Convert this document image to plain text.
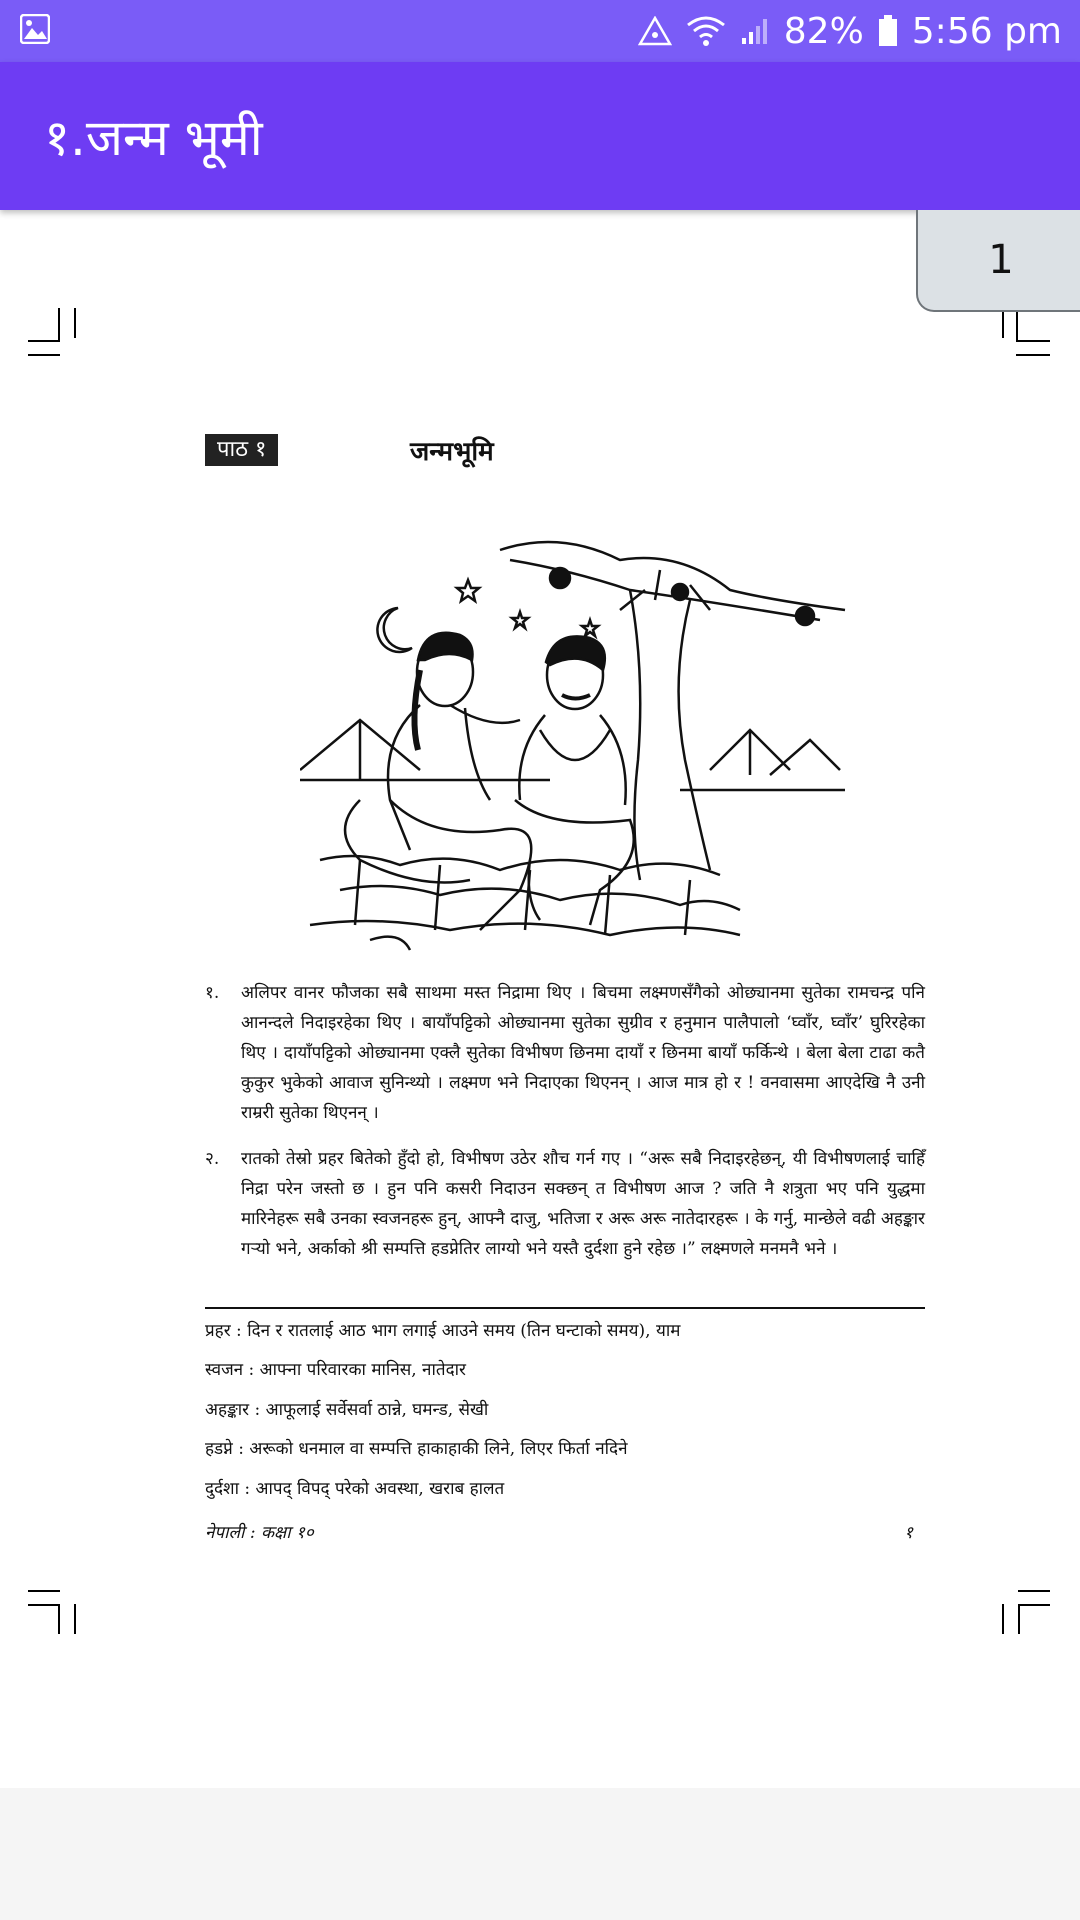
82% 5:56 pm
१.जन्म भूमी
1
पाठ १	जन्मभूमि
१. अलिपर वानर फौजका सबै साथमा मस्त निद्रामा थिए । बिचमा लक्ष्मणसँगैको ओछ्यानमा सुतेका रामचन्द्र पनि आनन्दले निदाइरहेका थिए । बायाँपट्टिको ओछ्यानमा सुतेका सुग्रीव र हनुमान पालैपालो ‘घ्वाँर, घ्वाँर’ घुरिरहेका थिए । दायाँपट्टिको ओछ्यानमा एक्लै सुतेका विभीषण छिनमा दायाँ र छिनमा बायाँ फर्किन्थे । बेला बेला टाढा कतै कुकुर भुकेको आवाज सुनिन्थ्यो । लक्ष्मण भने निदाएका थिएनन् । आज मात्र हो र ! वनवासमा आएदेखि नै उनी राम्ररी सुतेका थिएनन् ।
२. रातको तेस्रो प्रहर बितेको हुँदो हो, विभीषण उठेर शौच गर्न गए । “अरू सबै निदाइरहेछन्, यी विभीषणलाई चाहिँ निद्रा परेन जस्तो छ । हुन पनि कसरी निदाउन सक्छन् त विभीषण आज ? जति नै शत्रुता भए पनि युद्धमा मारिनेहरू सबै उनका स्वजनहरू हुन्, आफ्नै दाजु, भतिजा र अरू अरू नातेदारहरू । के गर्नु, मान्छेले वढी अहङ्कार गऱ्यो भने, अर्काको श्री सम्पत्ति हडप्नेतिर लाग्यो भने यस्तै दुर्दशा हुने रहेछ ।” लक्ष्मणले मनमनै भने ।
प्रहर : दिन र रातलाई आठ भाग लगाई आउने समय (तिन घन्टाको समय), याम
स्वजन : आफ्ना परिवारका मानिस, नातेदार
अहङ्कार : आफूलाई सर्वेसर्वा ठान्ने, घमन्ड, सेखी
हडप्ने : अरूको धनमाल वा सम्पत्ति हाकाहाकी लिने, लिएर फिर्ता नदिने
दुर्दशा : आपद् विपद् परेको अवस्था, खराब हालत
नेपाली : कक्षा १०	१
